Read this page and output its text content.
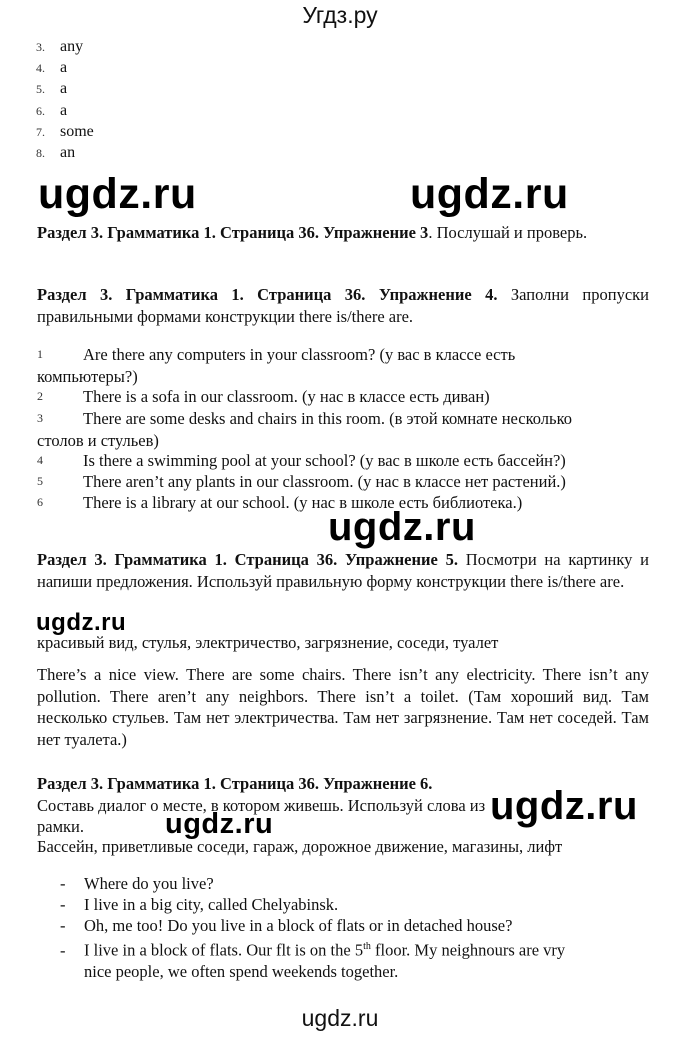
Угдз.ру
3. any
4. a
5. a
6. a
7. some
8. an
ugdz.ru	ugdz.ru
Раздел 3. Грамматика 1. Страница 36. Упражнение 3. Послушай и проверь.
Раздел 3. Грамматика 1. Страница 36. Упражнение 4. Заполни пропуски правильными формами конструкции there is/there are.
1 Are there any computers in your classroom? (у вас в классе есть
компьютеры?)
2 There is a sofa in our classroom. (у нас в классе есть диван)
3 There are some desks and chairs in this room. (в этой комнате несколько
столов и стульев)
4 Is there a swimming pool at your school? (у вас в школе есть бассейн?)
5 There aren’t any plants in our classroom. (у нас в классе нет растений.)
6 There is a library at our school. (у нас в школе есть библиотека.)
ugdz.ru
Раздел 3. Грамматика 1. Страница 36. Упражнение 5. Посмотри на картинку и напиши предложения. Используй правильную форму конструкции there is/there are.
ugdz.ru
красивый вид, стулья, электричество, загрязнение, соседи, туалет
There’s a nice view. There are some chairs. There isn’t any electricity. There isn’t any pollution. There aren’t any neighbors. There isn’t a toilet. (Там хороший вид. Там несколько стульев. Там нет электричества. Там нет загрязнение. Там нет соседей. Там нет туалета.)
Раздел 3. Грамматика 1. Страница 36. Упражнение 6. Составь диалог о месте, в котором живешь. Используй слова из рамки.	ugdz.ru
ugdz.ru
Бассейн, приветливые соседи, гараж, дорожное движение, магазины, лифт
- Where do you live?
- I live in a big city, called Chelyabinsk.
- Oh, me too! Do you live in a block of flats or in detached house?
- I live in a block of flats. Our flt is on the 5th floor. My neighnours are vry
nice people, we often spend weekends together.
ugdz.ru
